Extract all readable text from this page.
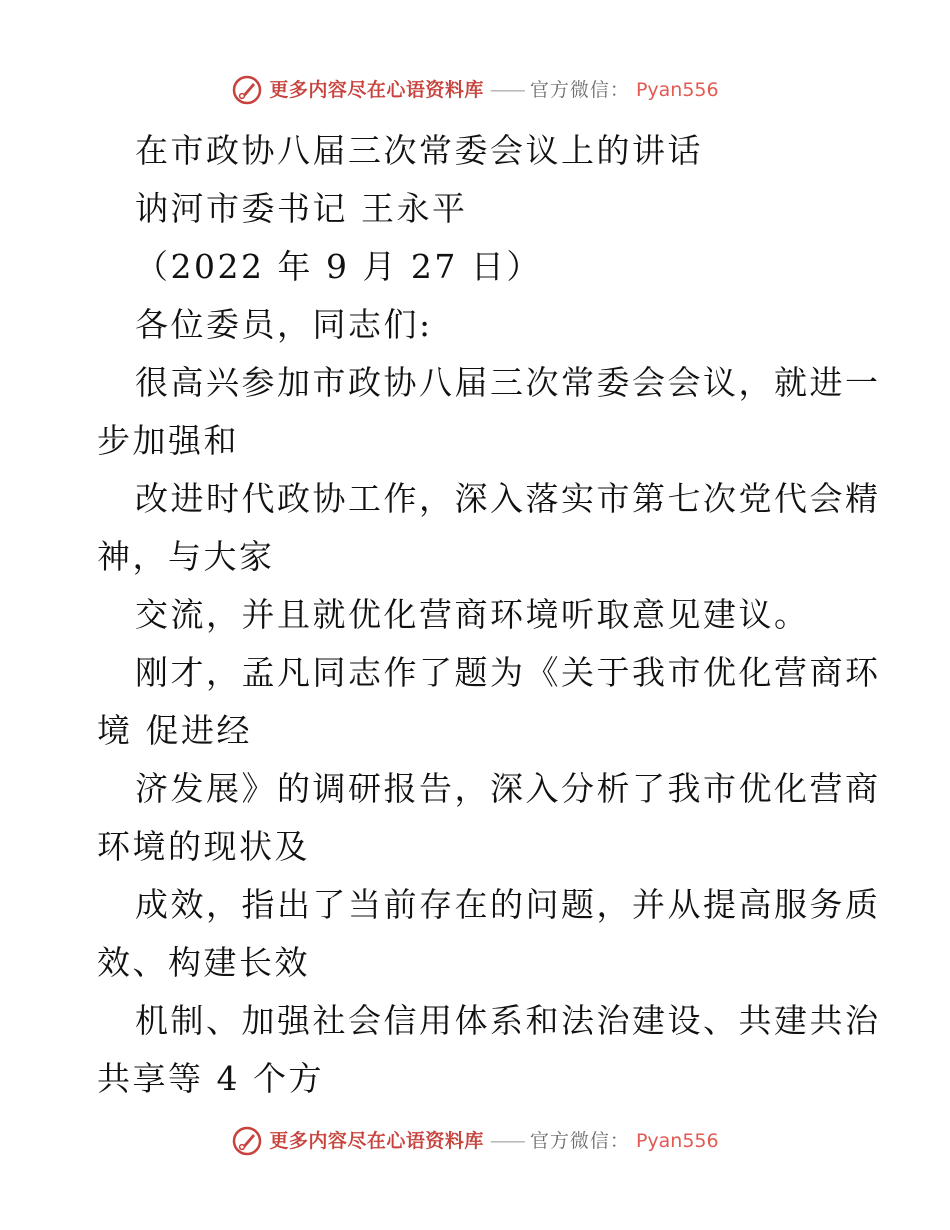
更多内容尽在心语资料库 —— 官方微信： Pyan556
在市政协八届三次常委会议上的讲话
讷河市委书记 王永平
（2022 年 9 月 27 日）
各位委员，同志们:
很高兴参加市政协八届三次常委会会议，就进一
步加强和
改进时代政协工作，深入落实市第七次党代会精
神，与大家
交流，并且就优化营商环境听取意见建议。
刚才，孟凡同志作了题为《关于我市优化营商环
境 促进经
济发展》的调研报告，深入分析了我市优化营商
环境的现状及
成效，指出了当前存在的问题，并从提高服务质
效、构建长效
机制、加强社会信用体系和法治建设、共建共治
共享等 4 个方
更多内容尽在心语资料库 —— 官方微信： Pyan556
